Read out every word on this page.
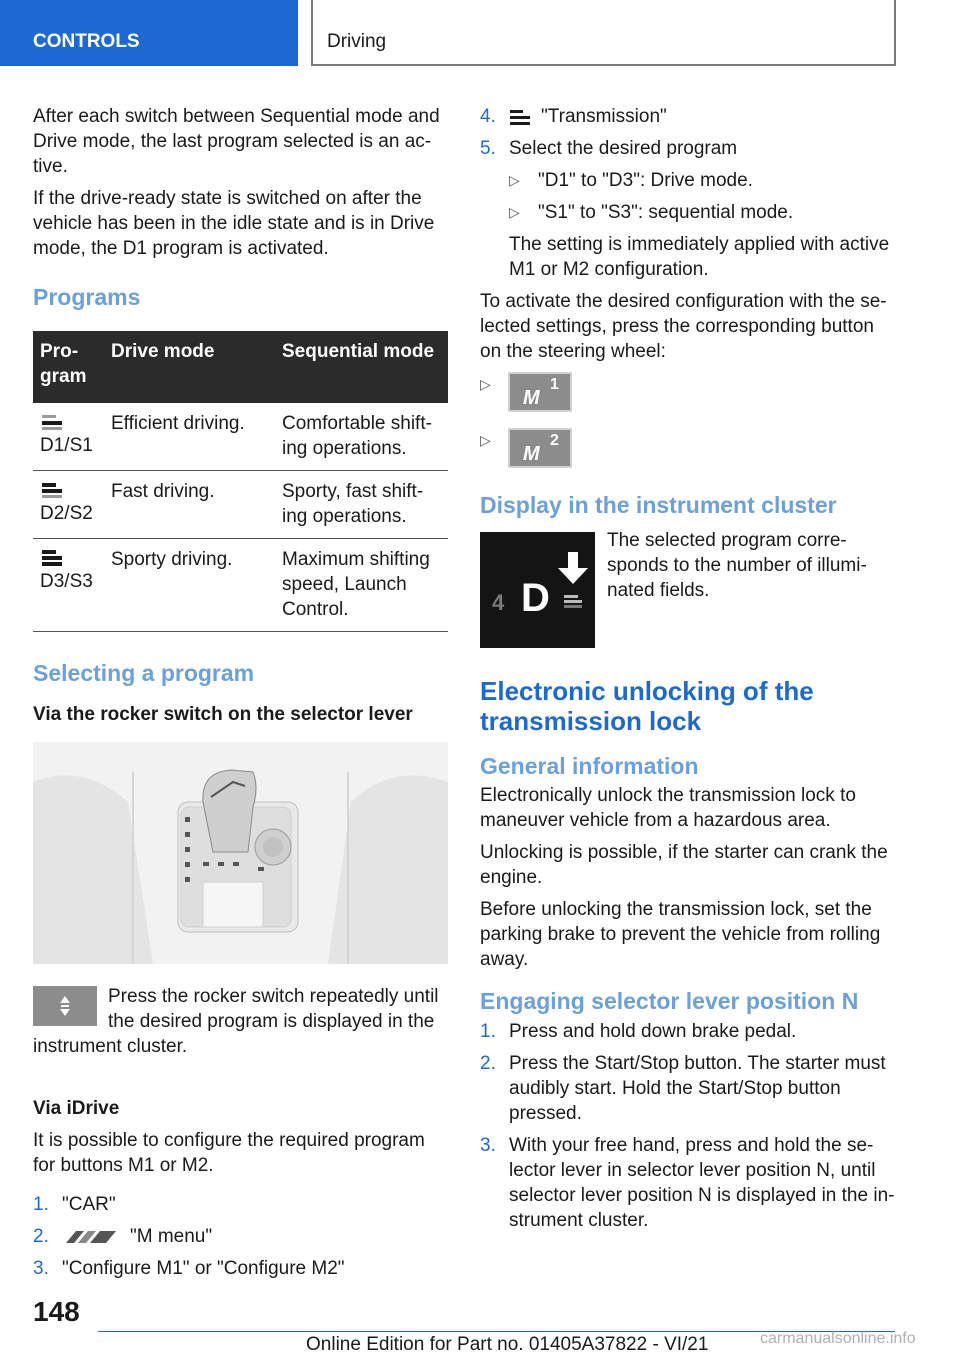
CONTROLS	Driving

After each switch between Sequential mode and Drive mode, the last program selected is an active.

If the drive-ready state is switched on after the vehicle has been in the idle state and is in Drive mode, the D1 program is activated.

Programs
Program	Drive mode	Sequential mode

D1/S1	Efficient driving.	Comfortable shifting operations.

D2/S2	Fast driving.	Sporty, fast shifting operations.

D3/S3	Sporty driving.	Maximum shifting speed, Launch Control.
Selecting a program
Via the rocker switch on the selector lever

Press the rocker switch repeatedly until the desired program is displayed in the instrument cluster.

Via iDrive

It is possible to configure the required program for buttons M1 or M2.

1. "CAR"
2.	"M menu"
3. "Configure M1" or "Configure M2"
4. "Transmission"
5. Select the desired program
▷ "D1" to "D3": Drive mode.
▷ "S1" to "S3": sequential mode.

The setting is immediately applied with active M1 or M2 configuration.

To activate the desired configuration with the selected settings, press the corresponding button on the steering wheel:

▷
M
1
▷
M
2
Display in the instrument cluster
4 D

The selected program corresponds to the number of illuminated fields.

Electronic unlocking of the transmission lock
General information

Electronically unlock the transmission lock to maneuver vehicle from a hazardous area.

Unlocking is possible, if the starter can crank the engine.

Before unlocking the transmission lock, set the parking brake to prevent the vehicle from rolling away.

Engaging selector lever position N
1. Press and hold down brake pedal.
2. Press the Start/Stop button. The starter must audibly start. Hold the Start/Stop button pressed.
3. With your free hand, press and hold the selector lever in selector lever position N, until selector lever position N is displayed in the instrument cluster.
148
Online Edition for Part no. 01405A37822 - VI/21	carmanualsonline.info
